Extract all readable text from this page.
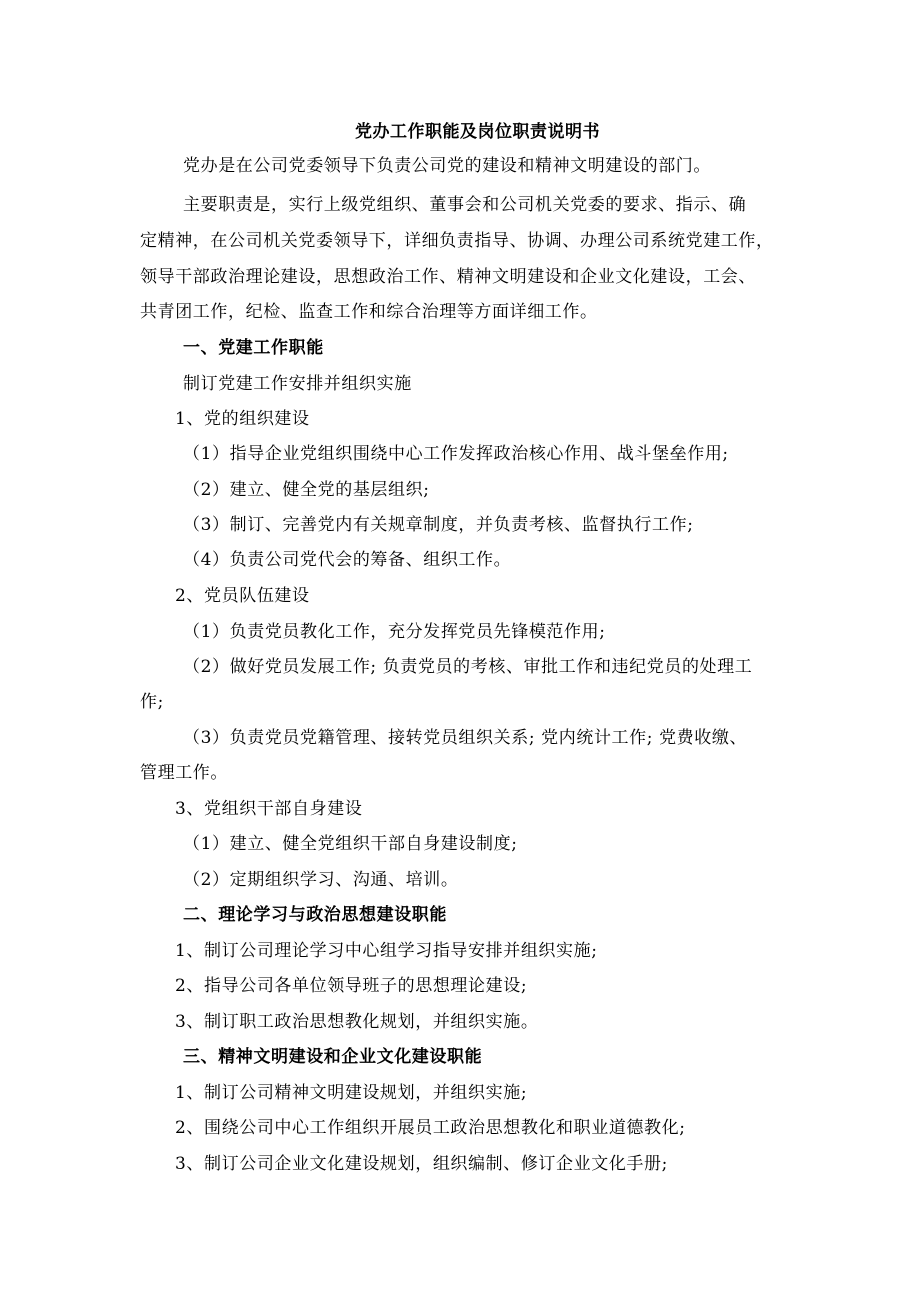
党办工作职能及岗位职责说明书
党办是在公司党委领导下负责公司党的建设和精神文明建设的部门。
主要职责是，实行上级党组织、董事会和公司机关党委的要求、指示、确
定精神，在公司机关党委领导下，详细负责指导、协调、办理公司系统党建工作，
领导干部政治理论建设，思想政治工作、精神文明建设和企业文化建设，工会、
共青团工作，纪检、监查工作和综合治理等方面详细工作。
一、党建工作职能
制订党建工作安排并组织实施
1、党的组织建设
（1）指导企业党组织围绕中心工作发挥政治核心作用、战斗堡垒作用;
（2）建立、健全党的基层组织;
（3）制订、完善党内有关规章制度，并负责考核、监督执行工作;
（4）负责公司党代会的筹备、组织工作。
2、党员队伍建设
（1）负责党员教化工作，充分发挥党员先锋模范作用;
（2）做好党员发展工作; 负责党员的考核、审批工作和违纪党员的处理工
作;
（3）负责党员党籍管理、接转党员组织关系; 党内统计工作; 党费收缴、
管理工作。
3、党组织干部自身建设
（1）建立、健全党组织干部自身建设制度;
（2）定期组织学习、沟通、培训。
二、理论学习与政治思想建设职能
1、制订公司理论学习中心组学习指导安排并组织实施;
2、指导公司各单位领导班子的思想理论建设;
3、制订职工政治思想教化规划，并组织实施。
三、精神文明建设和企业文化建设职能
1、制订公司精神文明建设规划，并组织实施;
2、围绕公司中心工作组织开展员工政治思想教化和职业道德教化;
3、制订公司企业文化建设规划，组织编制、修订企业文化手册;
